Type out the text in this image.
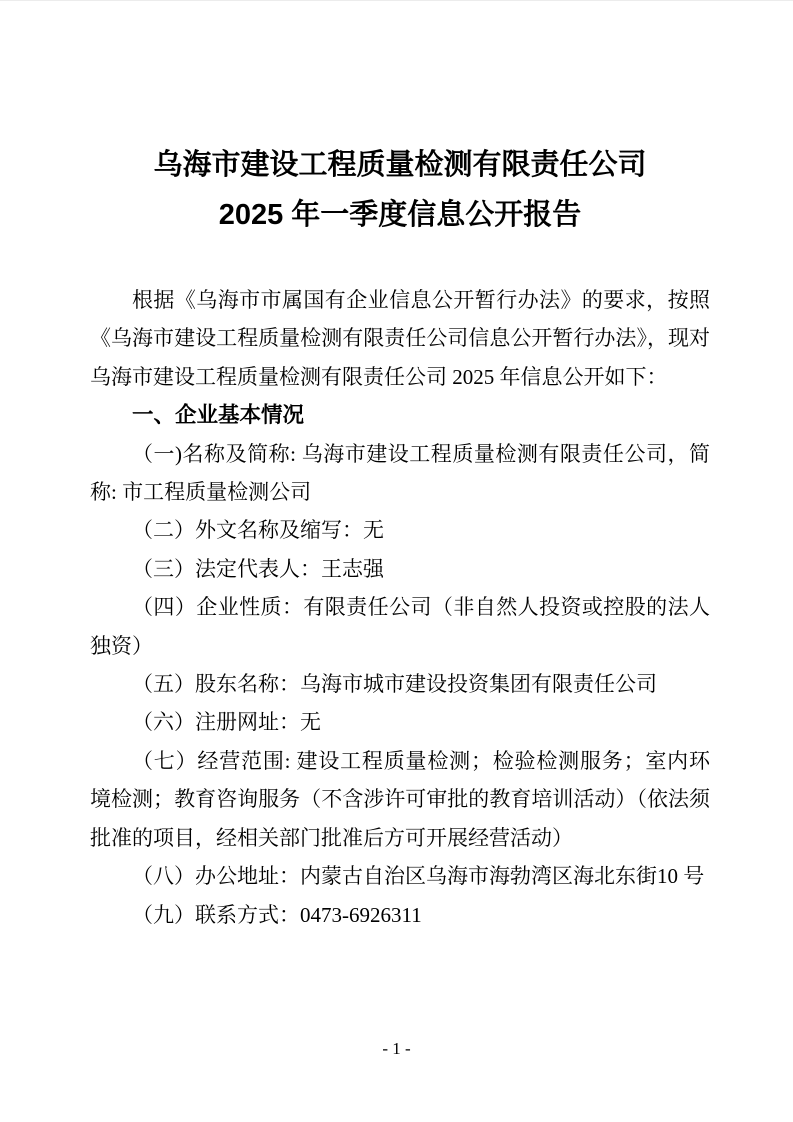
乌海市建设工程质量检测有限责任公司
2025 年一季度信息公开报告

根据《乌海市市属国有企业信息公开暂行办法》的要求，按照《乌海市建设工程质量检测有限责任公司信息公开暂行办法》，现对乌海市建设工程质量检测有限责任公司 2025 年信息公开如下：

一、企业基本情况

（一)名称及简称: 乌海市建设工程质量检测有限责任公司，简称: 市工程质量检测公司

（二）外文名称及缩写：无

（三）法定代表人：王志强

（四）企业性质：有限责任公司（非自然人投资或控股的法人独资）

（五）股东名称：乌海市城市建设投资集团有限责任公司

（六）注册网址：无

（七）经营范围: 建设工程质量检测；检验检测服务；室内环境检测；教育咨询服务（不含涉许可审批的教育培训活动）（依法须批准的项目，经相关部门批准后方可开展经营活动）

（八）办公地址：内蒙古自治区乌海市海勃湾区海北东街10 号

（九）联系方式：0473-6926311

- 1 -
